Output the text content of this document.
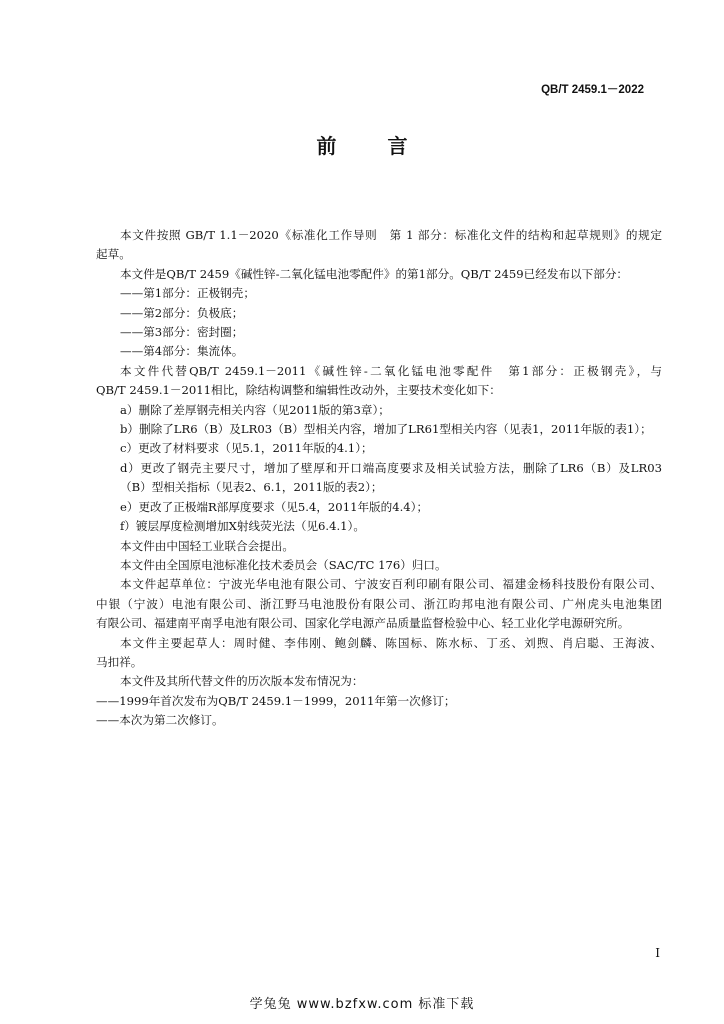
QB/T 2459.1－2022
前 言
本文件按照 GB/T 1.1－2020《标准化工作导则　第 1 部分：标准化文件的结构和起草规则》的规定
起草。
本文件是QB/T 2459《碱性锌-二氧化锰电池零配件》的第1部分。QB/T 2459已经发布以下部分：
——第1部分：正极钢壳；
——第2部分：负极底；
——第3部分：密封圈；
——第4部分：集流体。
本文件代替QB/T 2459.1－2011《碱性锌-二氧化锰电池零配件　第1部分：正极钢壳》，与
QB/T 2459.1－2011相比，除结构调整和编辑性改动外，主要技术变化如下：
a）删除了差厚钢壳相关内容（见2011版的第3章）；
b）删除了LR6（B）及LR03（B）型相关内容，增加了LR61型相关内容（见表1，2011年版的表1）；
c）更改了材料要求（见5.1，2011年版的4.1）；
d）更改了钢壳主要尺寸，增加了壁厚和开口端高度要求及相关试验方法，删除了LR6（B）及LR03
（B）型相关指标（见表2、6.1，2011版的表2）；
e）更改了正极端R部厚度要求（见5.4，2011年版的4.4）；
f）镀层厚度检测增加X射线荧光法（见6.4.1）。
本文件由中国轻工业联合会提出。
本文件由全国原电池标准化技术委员会（SAC/TC 176）归口。
本文件起草单位：宁波光华电池有限公司、宁波安百利印刷有限公司、福建金杨科技股份有限公司、
中银（宁波）电池有限公司、浙江野马电池股份有限公司、浙江昀邦电池有限公司、广州虎头电池集团
有限公司、福建南平南孚电池有限公司、国家化学电源产品质量监督检验中心、轻工业化学电源研究所。
本文件主要起草人：周时健、李伟刚、鲍剑麟、陈国标、陈水标、丁丞、刘煦、肖启聪、王海波、
马扣祥。
本文件及其所代替文件的历次版本发布情况为：
——1999年首次发布为QB/T 2459.1－1999，2011年第一次修订；
——本次为第二次修订。
I
学兔兔 www.bzfxw.com 标准下载
